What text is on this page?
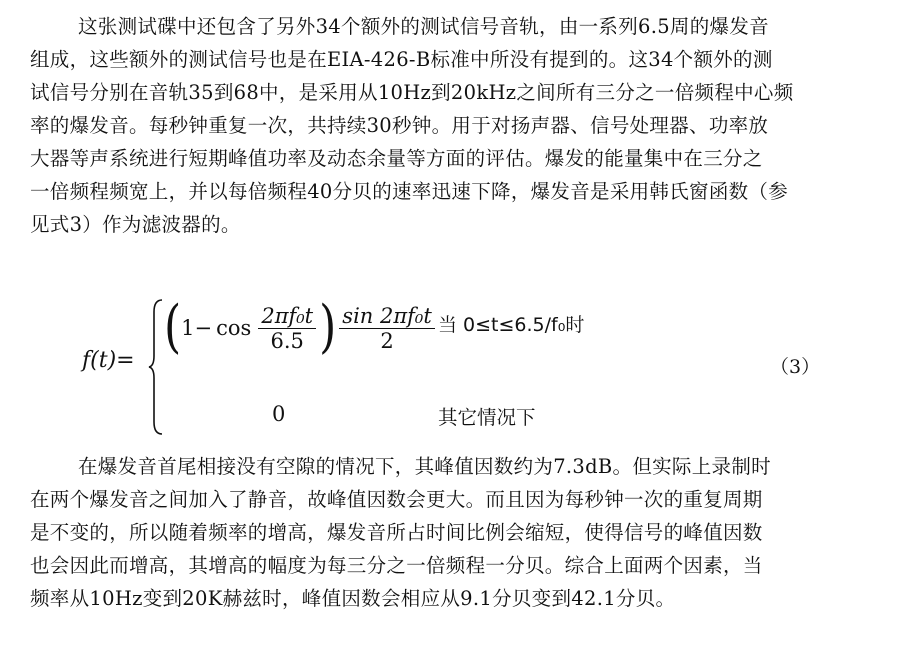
这张测试碟中还包含了另外34个额外的测试信号音轨，由一系列6.5周的爆发音
组成，这些额外的测试信号也是在EIA-426-B标准中所没有提到的。这34个额外的测
试信号分别在音轨35到68中，是采用从10Hz到20kHz之间所有三分之一倍频程中心频
率的爆发音。每秒钟重复一次，共持续30秒钟。用于对扬声器、信号处理器、功率放
大器等声系统进行短期峰值功率及动态余量等方面的评估。爆发的能量集中在三分之
一倍频程频宽上，并以每倍频程40分贝的速率迅速下降，爆发音是采用韩氏窗函数（参
见式3）作为滤波器的。
f(t)= ( $1- \cos \frac{\text{2πf₀t}}{6.5}$ ) $\frac{\text{sin 2πf₀t}}{2}$ 当 0≤t≤6.5/f₀时
0	其它情况下
（3）
在爆发音首尾相接没有空隙的情况下，其峰值因数约为7.3dB。但实际上录制时
在两个爆发音之间加入了静音，故峰值因数会更大。而且因为每秒钟一次的重复周期
是不变的，所以随着频率的增高，爆发音所占时间比例会缩短，使得信号的峰值因数
也会因此而增高，其增高的幅度为每三分之一倍频程一分贝。综合上面两个因素，当
频率从10Hz变到20K赫兹时，峰值因数会相应从9.1分贝变到42.1分贝。
